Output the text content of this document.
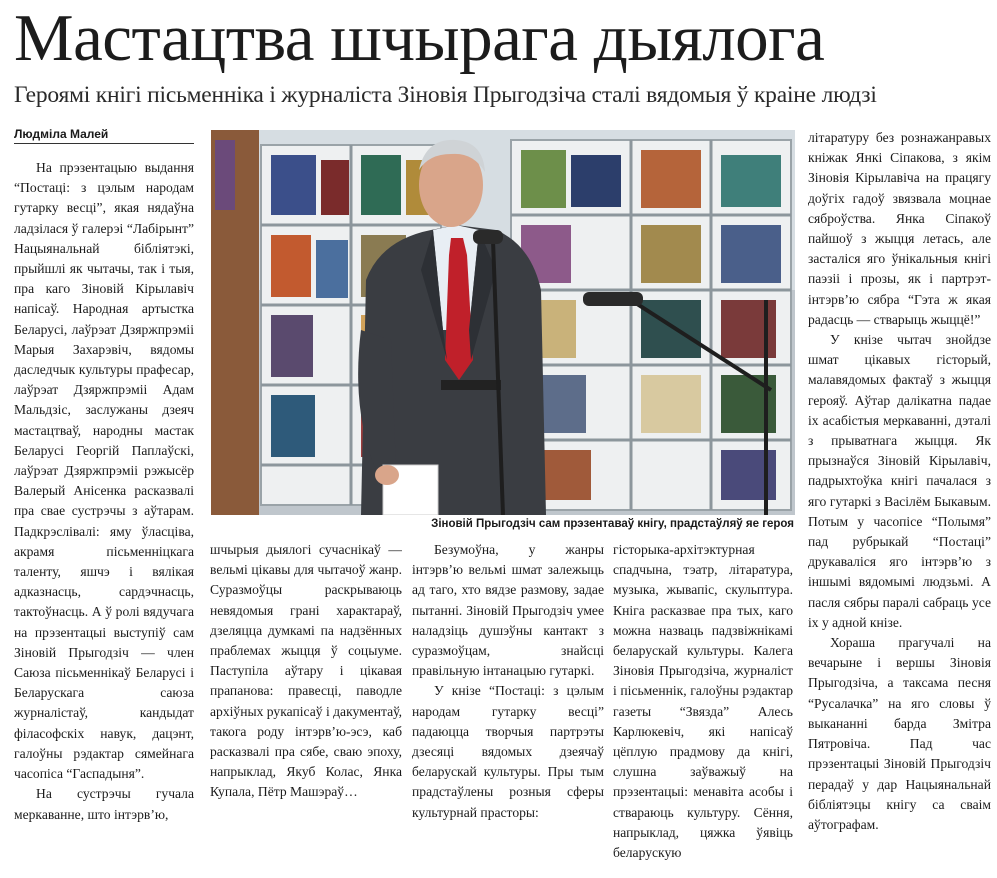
Мастацтва шчырага дыялога
Героямі кнігі пісьменніка і журналіста Зіновія Прыгодзіча сталі вядомыя ў краіне людзі
Людміла Малей

На прэзентацыю выдання “Постаці: з цэлым народам гутарку весці”, якая нядаўна ладзілася ў галерэі “Лабірынт” Нацыянальнай бібліятэкі, прыйшлі як чытачы, так і тыя, пра каго Зіновій Кірылавіч напісаў. Народная артыстка Беларусі, лаўрэат Дзяржпрэміі Марыя Захарэвіч, вядомы даследчык культуры прафесар, лаўрэат Дзяржпрэміі Адам Мальдзіс, заслужаны дзеяч мастацтваў, народны мастак Беларусі Георгій Паплаўскі, лаўрэат Дзяржпрэміі рэжысёр Валерый Анісенка расказвалі пра свае сустрэчы з аўтарам. Падкрэслівалі: яму ўласціва, акрамя пісьменніцкага таленту, яшчэ і вялікая адказнасць, сардэчнасць, тактоўнасць. А ў ролі вядучага на прэзентацыі выступіў сам Зіновій Прыгодзіч — член Саюза пісьменнікаў Беларусі і Беларускага саюза журналістаў, кандыдат філасофскіх навук, дацэнт, галоўны рэдактар сямейнага часопіса “Гаспадыня”.

На сустрэчы гучала меркаванне, што інтэрв’ю,

Зіновій Прыгодзіч сам прэзентаваў кнігу, прадстаўляў яе героя

шчырыя дыялогі сучаснікаў — вельмі цікавы для чытачоў жанр. Суразмоўцы раскрываюць невядомыя грані характараў, дзеляцца думкамі па надзённых праблемах жыцця ў соцыуме. Паступіла аўтару і цікавая прапанова: правесці, паводле архіўных рукапісаў і дакументаў, такога роду інтэрв’ю-эсэ, каб расказвалі пра сябе, сваю эпоху, напрыклад, Якуб Колас, Янка Купала, Пётр Машэраў…

Безумоўна, у жанры інтэрв’ю вельмі шмат залежыць ад таго, хто вядзе размову, задае пытанні. Зіновій Прыгодзіч умее наладзіць душэўны кантакт з суразмоўцам, знайсці правільную інтанацыю гутаркі.

У кнізе “Постаці: з цэлым народам гутарку весці” падаюцца творчыя партрэты дзесяці вядомых дзеячаў беларускай культуры. Пры тым прадстаўлены розныя сферы культурнай прасторы:

гісторыка-архітэктурная спадчына, тэатр, літаратура, музыка, жывапіс, скульптура. Кніга расказвае пра тых, каго можна назваць падзвіжнікамі беларускай культуры. Калега Зіновія Прыгодзіча, журналіст і пісьменнік, галоўны рэдактар газеты “Звязда” Алесь Карлюкевіч, які напісаў цёплую прадмову да кнігі, слушна заўважыў на прэзентацыі: менавіта асобы і ствараюць культуру. Сёння, напрыклад, цяжка ўявіць беларускую

літаратуру без рознажанравых кніжак Янкі Сіпакова, з якім Зіновія Кірылавіча на працягу доўгіх гадоў звязвала моцнае сяброўства. Янка Сіпакоў пайшоў з жыцця летась, але засталіся яго ўнікальныя кнігі паэзіі і прозы, як і партрэт-інтэрв’ю сябра “Гэта ж якая радасць — стварыць жыццё!”

У кнізе чытач знойдзе шмат цікавых гісторый, малавядомых фактаў з жыцця герояў. Аўтар далікатна падае іх асабістыя меркаванні, дэталі з прыватнага жыцця. Як прызнаўся Зіновій Кірылавіч, падрыхтоўка кнігі пачалася з яго гутаркі з Васілём Быкавым. Потым у часопісе “Полымя” пад рубрыкай “Постаці” друкаваліся яго інтэрв’ю з іншымі вядомымі людзьмі. А пасля сябры паралі сабраць усе іх у адной кнізе.

Хораша прагучалі на вечарыне і вершы Зіновія Прыгодзіча, а таксама песня “Русалачка” на яго словы ў выкананні барда Змітра Пятровіча. Пад час прэзентацыі Зіновій Прыгодзіч перадаў у дар Нацыянальнай бібліятэцы кнігу са сваім аўтографам.
